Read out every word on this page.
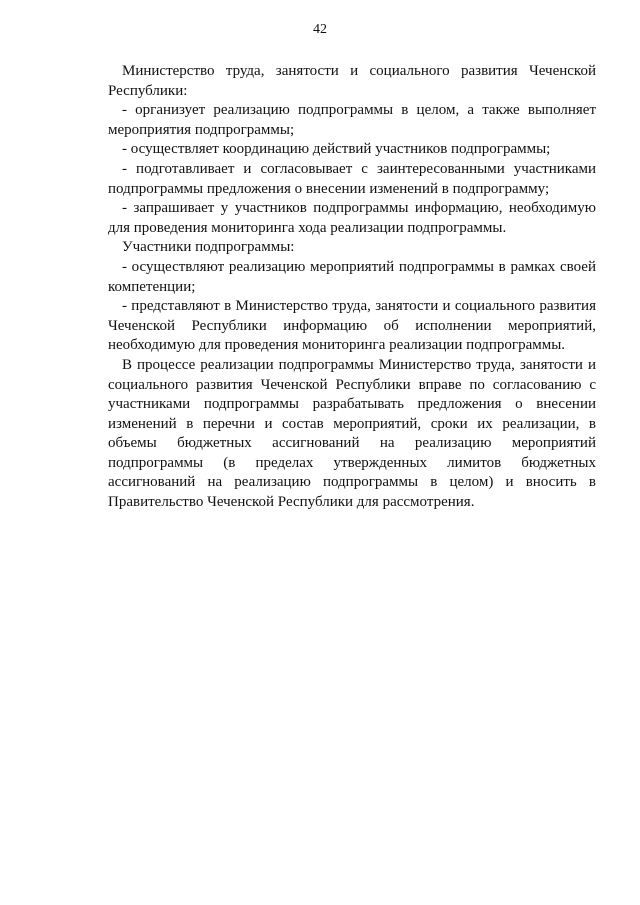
42

Министерство труда, занятости и социального развития Чеченской Республики:

- организует реализацию подпрограммы в целом, а также выполняет мероприятия подпрограммы;

- осуществляет координацию действий участников подпрограммы;

- подготавливает и согласовывает с заинтересованными участниками подпрограммы предложения о внесении изменений в подпрограмму;

- запрашивает у участников подпрограммы информацию, необходимую для проведения мониторинга хода реализации подпрограммы.

Участники подпрограммы:

- осуществляют реализацию мероприятий подпрограммы в рамках своей компетенции;

- представляют в Министерство труда, занятости и социального развития Чеченской Республики информацию об исполнении мероприятий, необходимую для проведения мониторинга реализации подпрограммы.

В процессе реализации подпрограммы Министерство труда, занятости и социального развития Чеченской Республики вправе по согласованию с участниками подпрограммы разрабатывать предложения о внесении изменений в перечни и состав мероприятий, сроки их реализации, в объемы бюджетных ассигнований на реализацию мероприятий подпрограммы (в пределах утвержденных лимитов бюджетных ассигнований на реализацию подпрограммы в целом) и вносить в Правительство Чеченской Республики для рассмотрения.
